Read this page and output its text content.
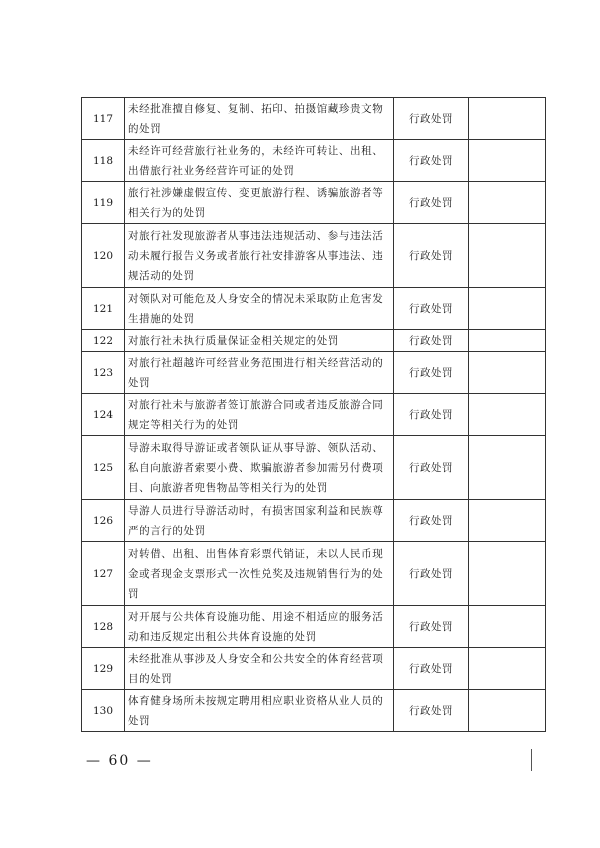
117	未经批准擅自修复、复制、拓印、拍摄馆藏珍贵文物的处罚	行政处罚	
118	未经许可经营旅行社业务的，未经许可转让、出租、出借旅行社业务经营许可证的处罚	行政处罚	
119	旅行社涉嫌虚假宣传、变更旅游行程、诱骗旅游者等相关行为的处罚	行政处罚	
120	对旅行社发现旅游者从事违法违规活动、参与违法活动未履行报告义务或者旅行社安排游客从事违法、违规活动的处罚	行政处罚	
121	对领队对可能危及人身安全的情况未采取防止危害发生措施的处罚	行政处罚	
122	对旅行社未执行质量保证金相关规定的处罚	行政处罚	
123	对旅行社超越许可经营业务范围进行相关经营活动的处罚	行政处罚	
124	对旅行社未与旅游者签订旅游合同或者违反旅游合同规定等相关行为的处罚	行政处罚	
125	导游未取得导游证或者领队证从事导游、领队活动、私自向旅游者索要小费、欺骗旅游者参加需另付费项目、向旅游者兜售物品等相关行为的处罚	行政处罚	
126	导游人员进行导游活动时，有损害国家利益和民族尊严的言行的处罚	行政处罚	
127	对转借、出租、出售体育彩票代销证，未以人民币现金或者现金支票形式一次性兑奖及违规销售行为的处罚	行政处罚	
128	对开展与公共体育设施功能、用途不相适应的服务活动和违反规定出租公共体育设施的处罚	行政处罚	
129	未经批准从事涉及人身安全和公共安全的体育经营项目的处罚	行政处罚	
130	体育健身场所未按规定聘用相应职业资格从业人员的处罚	行政处罚	
— 60 —
